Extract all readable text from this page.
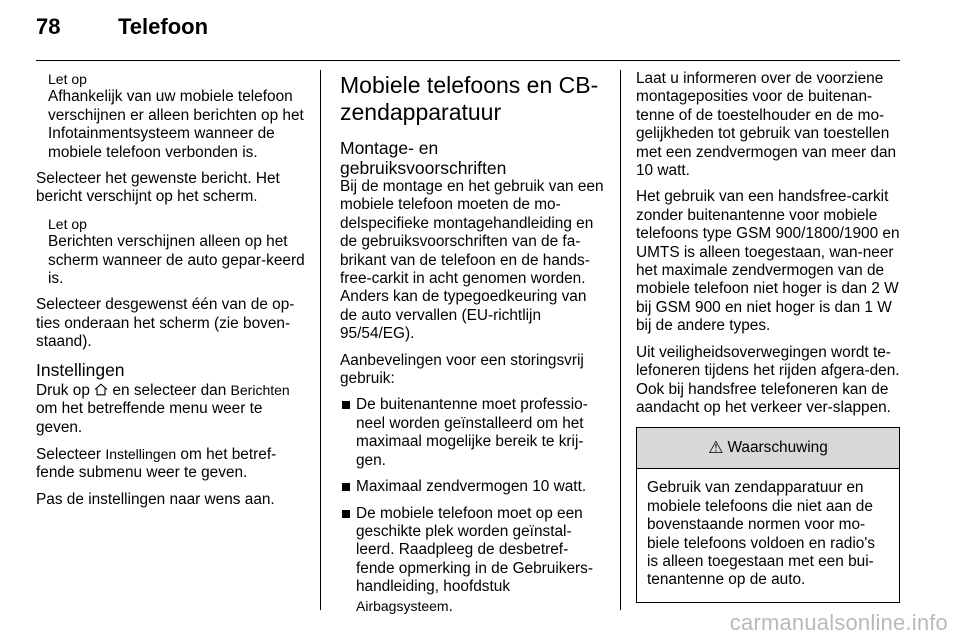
78	Telefoon
Let op
Afhankelijk van uw mobiele telefoon verschijnen er alleen berichten op het Infotainmentsysteem wanneer de mobiele telefoon verbonden is.

Selecteer het gewenste bericht. Het bericht verschijnt op het scherm.

Let op
Berichten verschijnen alleen op het scherm wanneer de auto gepar-keerd is.

Selecteer desgewenst één van de op-ties onderaan het scherm (zie boven-staand).

Instellingen

Druk op en selecteer dan Berichten om het betreffende menu weer te geven.

Selecteer Instellingen om het betref-fende submenu weer te geven.

Pas de instellingen naar wens aan.

Mobiele telefoons en CB-zendapparatuur
Montage- en gebruiksvoorschriften

Bij de montage en het gebruik van een mobiele telefoon moeten de mo-delspecifieke montagehandleiding en de gebruiksvoorschriften van de fa-brikant van de telefoon en de hands-free-carkit in acht genomen worden. Anders kan de typegoedkeuring van de auto vervallen (EU-richtlijn 95/54/EG).

Aanbevelingen voor een storingsvrij gebruik:

De buitenantenne moet professio-neel worden geïnstalleerd om het maximaal mogelijke bereik te krij-gen.
Maximaal zendvermogen 10 watt.
De mobiele telefoon moet op een geschikte plek worden geïnstal-leerd. Raadpleeg de desbetref-fende opmerking in de Gebruikers-handleiding, hoofdstuk Airbagsysteem.

Laat u informeren over de voorziene montageposities voor de buitenan-tenne of de toestelhouder en de mo-gelijkheden tot gebruik van toestellen met een zendvermogen van meer dan 10 watt.

Het gebruik van een handsfree-carkit zonder buitenantenne voor mobiele telefoons type GSM 900/1800/1900 en UMTS is alleen toegestaan, wan-neer het maximale zendvermogen van de mobiele telefoon niet hoger is dan 2 W bij GSM 900 en niet hoger is dan 1 W bij de andere types.

Uit veiligheidsoverwegingen wordt te-lefoneren tijdens het rijden afgera-den. Ook bij handsfree telefoneren kan de aandacht op het verkeer ver-slappen.

⚠ Waarschuwing
Gebruik van zendapparatuur en mobiele telefoons die niet aan de bovenstaande normen voor mo-biele telefoons voldoen en radio's is alleen toegestaan met een bui-tenantenne op de auto.
carmanualsonline.info
